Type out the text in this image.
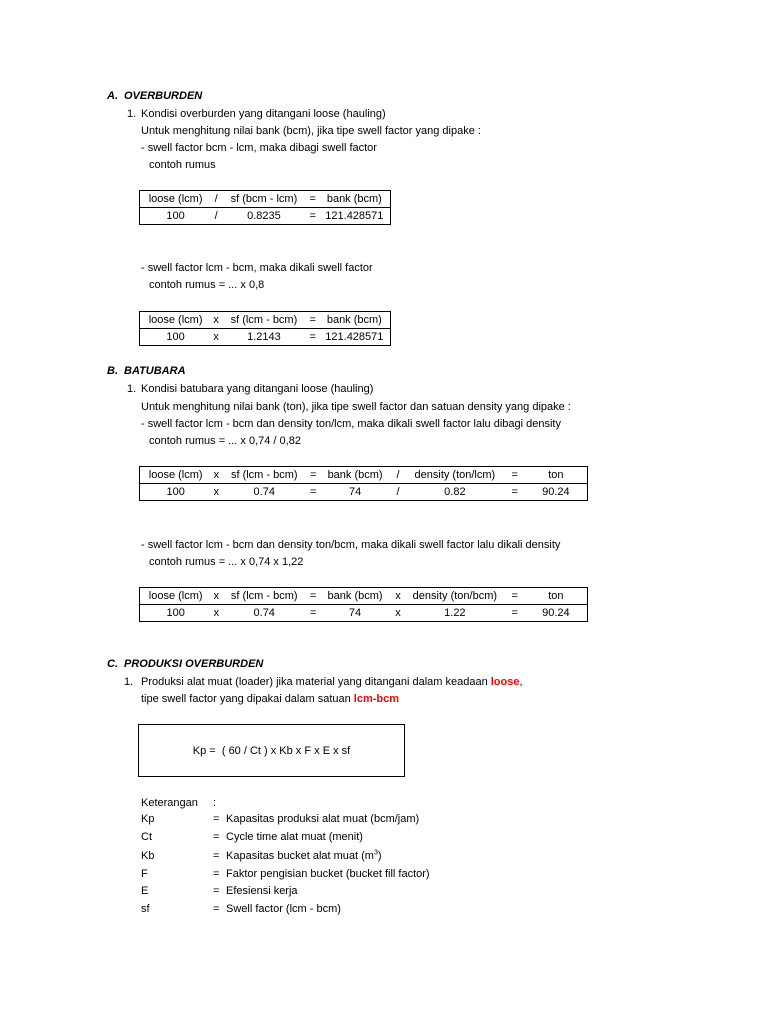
A. OVERBURDEN
1. Kondisi overburden yang ditangani loose (hauling)
Untuk menghitung nilai bank (bcm), jika tipe swell factor yang dipake :
- swell factor bcm - lcm, maka dibagi swell factor
contoh rumus
loose (lcm)	/	sf (bcm - lcm)	=	bank (bcm)
100	/	0.8235	=	121.428571
- swell factor lcm - bcm, maka dikali swell factor
contoh rumus = ... x 0,8
loose (lcm)	x	sf (lcm - bcm)	=	bank (bcm)
100	x	1.2143	=	121.428571
B. BATUBARA
1. Kondisi batubara yang ditangani loose (hauling)
Untuk menghitung nilai bank (ton), jika tipe swell factor dan satuan density yang dipake :
- swell factor lcm - bcm dan density ton/lcm, maka dikali swell factor lalu dibagi density
contoh rumus = ... x 0,74 / 0,82
loose (lcm)	x	sf (lcm - bcm)	=	bank (bcm)	/	density (ton/lcm)	=	ton
100	x	0.74	=	74	/	0.82	=	90.24
- swell factor lcm - bcm dan density ton/bcm, maka dikali swell factor lalu dikali density
contoh rumus = ... x 0,74 x 1,22
loose (lcm)	x	sf (lcm - bcm)	=	bank (bcm)	x	density (ton/bcm)	=	ton
100	x	0.74	=	74	x	1.22	=	90.24
C. PRODUKSI OVERBURDEN
1. Produksi alat muat (loader) jika material yang ditangani dalam keadaan loose,
tipe swell factor yang dipakai dalam satuan lcm-bcm
Kp =  ( 60 / Ct ) x Kb x F x E x sf
Keterangan :
Kp	= Kapasitas produksi alat muat (bcm/jam)
Ct	= Cycle time alat muat (menit)
Kb	= Kapasitas bucket alat muat $(m^3)$
F	= Faktor pengisian bucket (bucket fill factor)
E	= Efesiensi kerja
sf	= Swell factor (lcm - bcm)
